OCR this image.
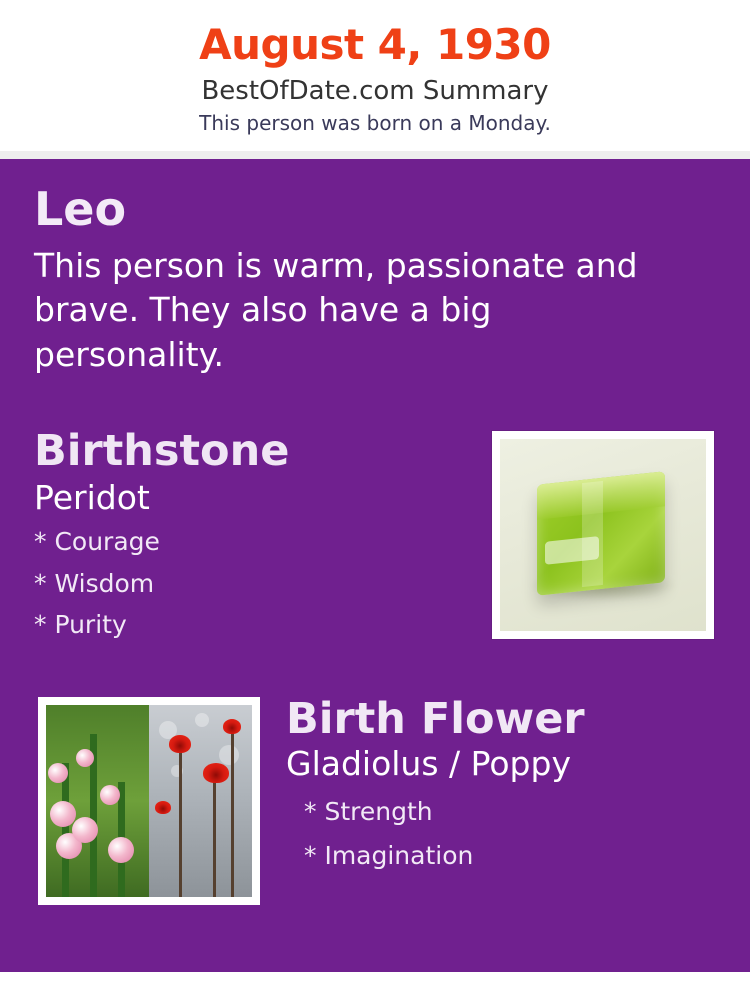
August 4, 1930
BestOfDate.com Summary
This person was born on a Monday.
Leo
This person is warm, passionate and brave. They also have a big personality.
Birthstone
Peridot
* Courage
* Wisdom
* Purity
Birth Flower
Gladiolus / Poppy
* Strength
* Imagination
